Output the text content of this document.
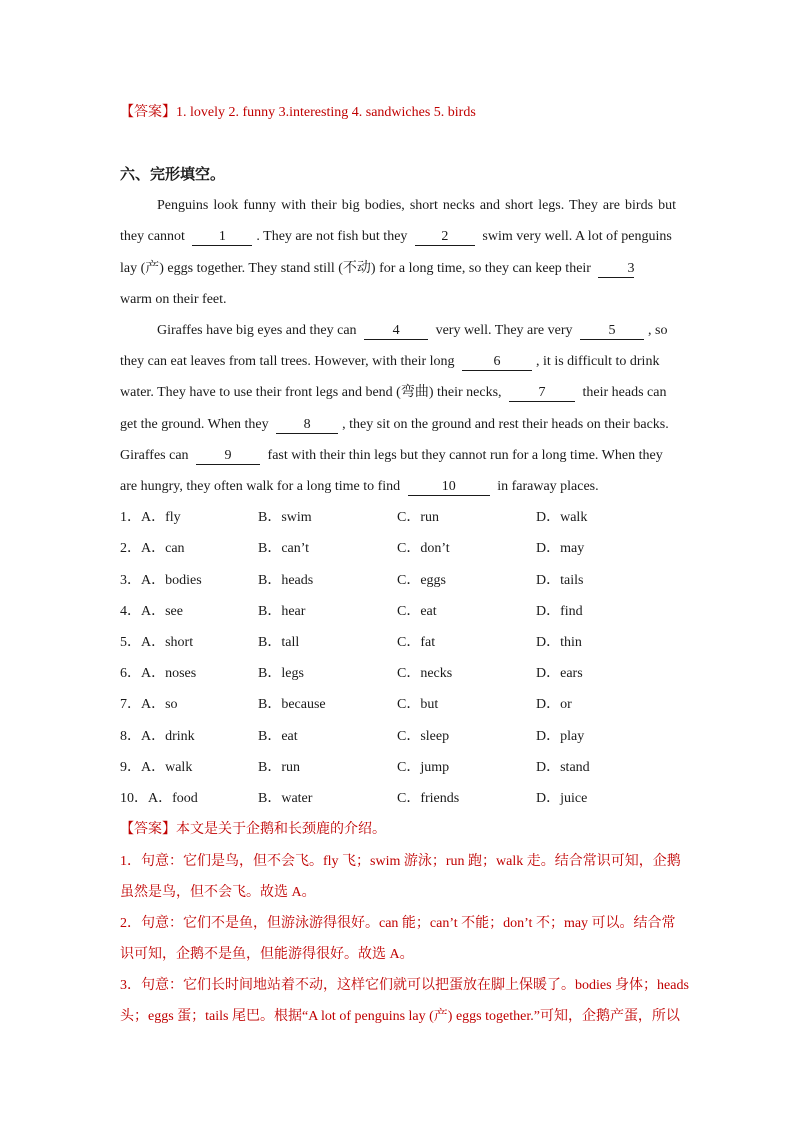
【答案】1. lovely 2. funny 3.interesting 4. sandwiches 5. birds
六、完形填空。
Penguins look funny with their big bodies, short necks and short legs. They are birds but
they cannot 1 . They are not fish but they 2 swim very well. A lot of penguins
lay (产) eggs together. They stand still (不动) for a long time, so they can keep their	3
warm on their feet.
Giraffes have big eyes and they can	4	very well. They are very	5 , so
they can eat leaves from tall trees. However, with their long	6	, it is difficult to drink
water. They have to use their front legs and bend (弯曲) their necks,	7	their heads can
get the ground. When they	8 , they sit on the ground and rest their heads on their backs.
Giraffes can	9	fast with their thin legs but they cannot run for a long time. When they
are hungry, they often walk for a long time to find	10	in faraway places.
1．A．fly	B．swim	C．run	D．walk
2．A．can	B．can’t	C．don’t	D．may
3．A．bodies	B．heads	C．eggs	D．tails
4．A．see	B．hear	C．eat	D．find
5．A．short	B．tall	C．fat	D．thin
6．A．noses	B．legs	C．necks	D．ears
7．A．so	B．because	C．but	D．or
8．A．drink	B．eat	C．sleep	D．play
9．A．walk	B．run	C．jump	D．stand
10．A．food	B．water	C．friends	D．juice
【答案】本文是关于企鹅和长颈鹿的介绍。
1．句意：它们是鸟，但不会飞。fly 飞；swim 游泳；run 跑；walk 走。结合常识可知，企鹅
虽然是鸟，但不会飞。故选 A。
2．句意：它们不是鱼，但游泳游得很好。can 能；can’t 不能；don’t 不；may 可以。结合常
识可知，企鹅不是鱼，但能游得很好。故选 A。
3．句意：它们长时间地站着不动，这样它们就可以把蛋放在脚上保暖了。bodies 身体；heads
头；eggs 蛋；tails 尾巴。根据“A lot of penguins lay (产) eggs together.”可知，企鹅产蛋，所以
